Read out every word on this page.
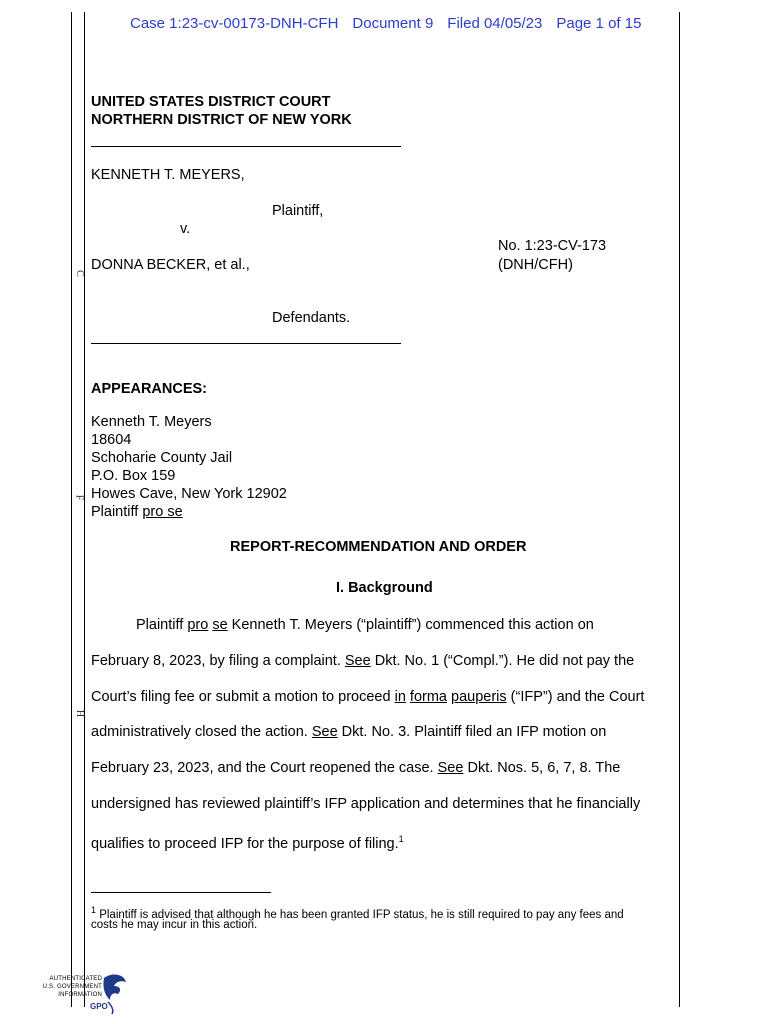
C
F
H
Case 1:23-cv-00173-DNH-CFH Document 9 Filed 04/05/23 Page 1 of 15
UNITED STATES DISTRICT COURT
NORTHERN DISTRICT OF NEW YORK
KENNETH T. MEYERS,
Plaintiff,
v.
No. 1:23-CV-173
DONNA BECKER, et al.,	(DNH/CFH)
Defendants.
APPEARANCES:
Kenneth T. Meyers
18604
Schoharie County Jail
P.O. Box 159
Howes Cave, New York 12902
Plaintiff pro se
REPORT-RECOMMENDATION AND ORDER
I. Background
Plaintiff pro se Kenneth T. Meyers (“plaintiff”) commenced this action on
February 8, 2023, by filing a complaint. See Dkt. No. 1 (“Compl.”). He did not pay the
Court’s filing fee or submit a motion to proceed in forma pauperis (“IFP”) and the Court
administratively closed the action. See Dkt. No. 3. Plaintiff filed an IFP motion on
February 23, 2023, and the Court reopened the case. See Dkt. Nos. 5, 6, 7, 8. The
undersigned has reviewed plaintiff’s IFP application and determines that he financially
qualifies to proceed IFP for the purpose of filing.$^1$
$^1$ Plaintiff is advised that although he has been granted IFP status, he is still required to pay any fees and
costs he may incur in this action.
AUTHENTICATED
U.S. GOVERNMENT
INFORMATION
GPO
